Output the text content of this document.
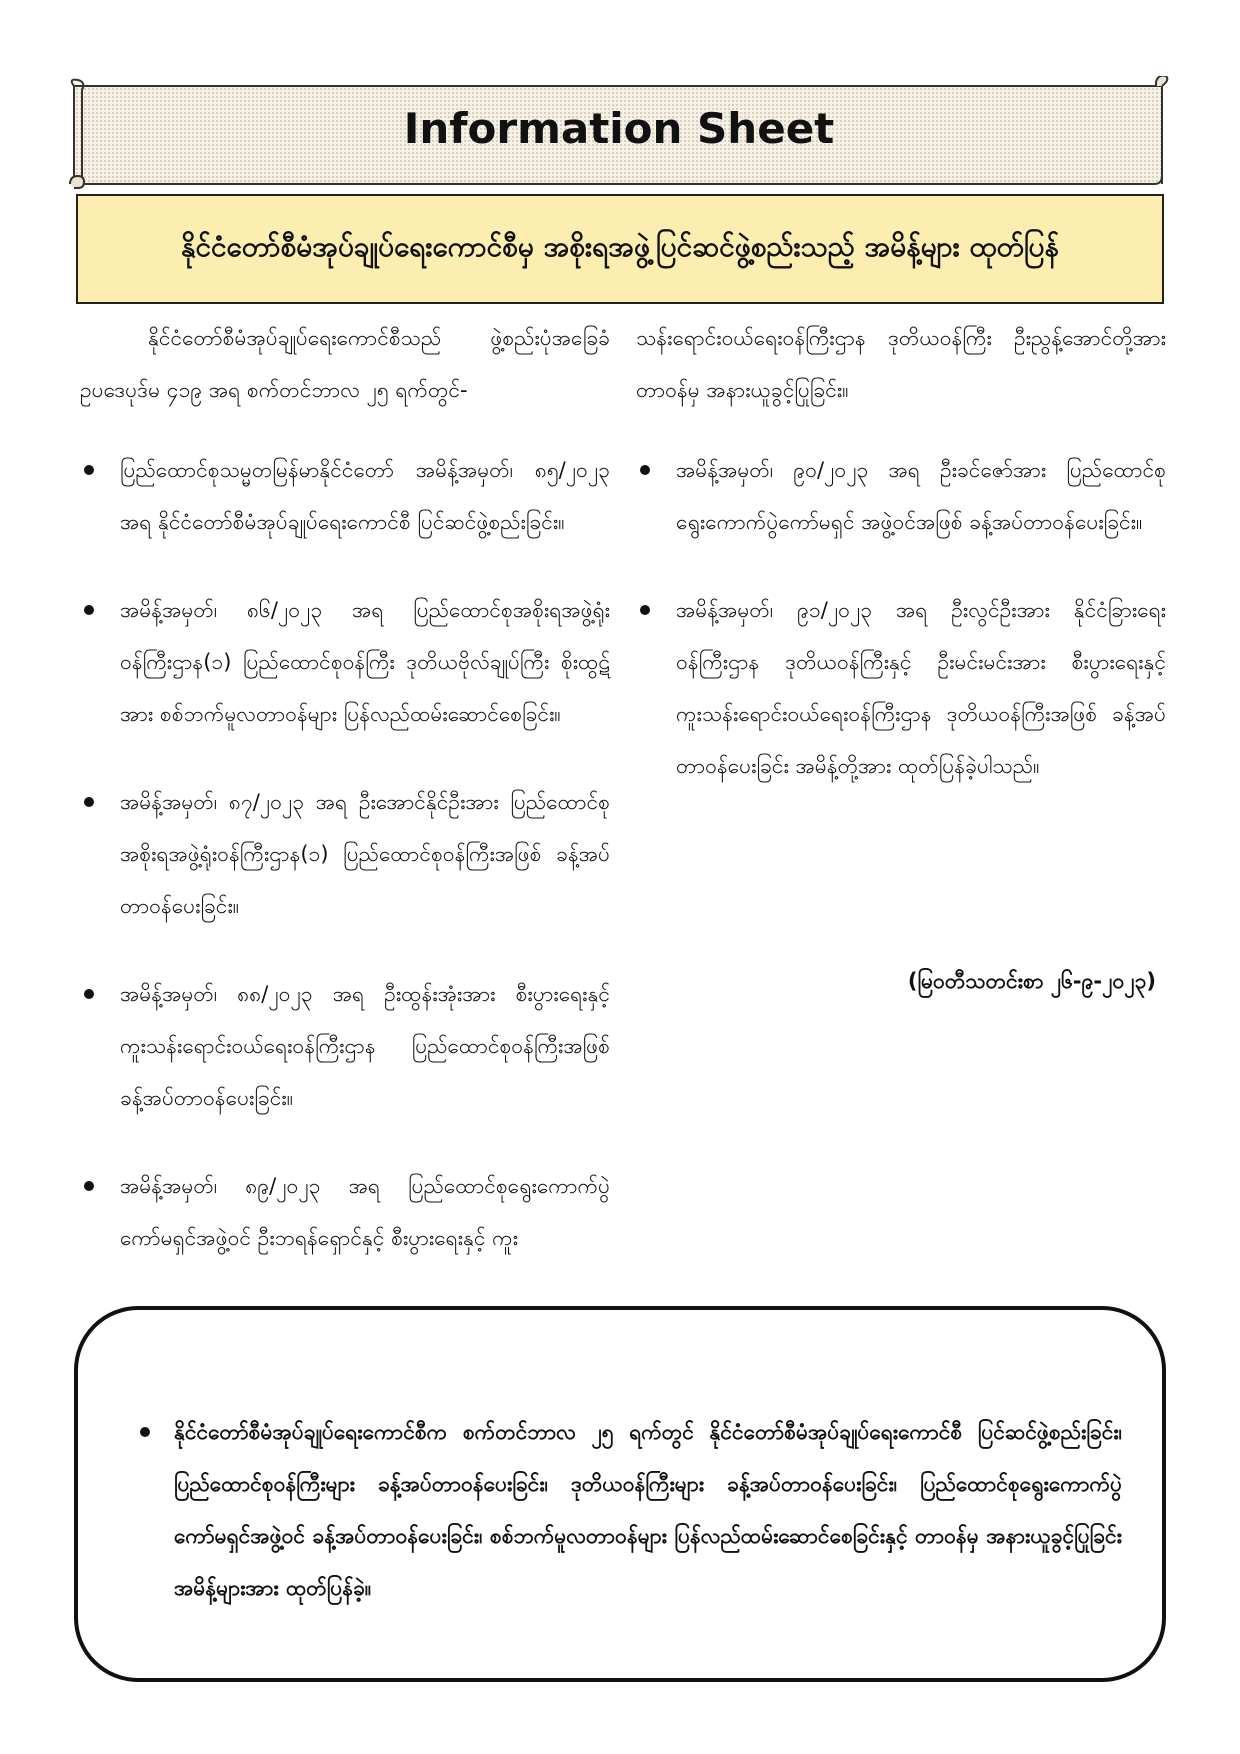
Information Sheet
နိုင်ငံတော်စီမံအုပ်ချုပ်ရေးကောင်စီမှ အစိုးရအဖွဲ့ပြင်ဆင်ဖွဲ့စည်းသည့် အမိန့်များ ထုတ်ပြန်

နိုင်ငံတော်စီမံအုပ်ချုပ်ရေးကောင်စီသည် ဖွဲ့စည်းပုံအခြေခံဥပဒေပုဒ်မ ၄၁၉ အရ စက်တင်ဘာလ ၂၅ ရက်တွင်-

ပြည်ထောင်စုသမ္မတမြန်မာနိုင်ငံတော် အမိန့်အမှတ်၊ ၈၅/၂၀၂၃ အရ နိုင်ငံတော်စီမံအုပ်ချုပ်ရေးကောင်စီ ပြင်ဆင်ဖွဲ့စည်းခြင်း။
အမိန့်အမှတ်၊ ၈၆/၂၀၂၃ အရ ပြည်ထောင်စုအစိုးရအဖွဲ့ရုံးဝန်ကြီးဌာန(၁) ပြည်ထောင်စုဝန်ကြီး ဒုတိယဗိုလ်ချုပ်ကြီး စိုးထွဋ်အား စစ်ဘက်မူလတာဝန်များ ပြန်လည်ထမ်းဆောင်စေခြင်း။
အမိန့်အမှတ်၊ ၈၇/၂၀၂၃ အရ ဦးအောင်နိုင်ဦးအား ပြည်ထောင်စုအစိုးရအဖွဲ့ရုံးဝန်ကြီးဌာန(၁) ပြည်ထောင်စုဝန်ကြီးအဖြစ် ခန့်အပ်တာဝန်ပေးခြင်း။
အမိန့်အမှတ်၊ ၈၈/၂၀၂၃ အရ ဦးထွန်းအုံးအား စီးပွားရေးနှင့်ကူးသန်းရောင်းဝယ်ရေးဝန်ကြီးဌာန ပြည်ထောင်စုဝန်ကြီးအဖြစ် ခန့်အပ်တာဝန်ပေးခြင်း။
အမိန့်အမှတ်၊ ၈၉/၂၀၂၃ အရ ပြည်ထောင်စုရွေးကောက်ပွဲကော်မရှင်အဖွဲ့ဝင် ဦးဘရန်ရှောင်နှင့် စီးပွားရေးနှင့် ကူး

သန်းရောင်းဝယ်ရေးဝန်ကြီးဌာန ဒုတိယဝန်ကြီး ဦးညွန့်အောင်တို့အား တာဝန်မှ အနားယူခွင့်ပြုခြင်း။

အမိန့်အမှတ်၊ ၉၀/၂၀၂၃ အရ ဦးခင်ဇော်အား ပြည်ထောင်စုရွေးကောက်ပွဲကော်မရှင် အဖွဲ့ဝင်အဖြစ် ခန့်အပ်တာဝန်ပေးခြင်း။
အမိန့်အမှတ်၊ ၉၁/၂၀၂၃ အရ ဦးလွင်ဦးအား နိုင်ငံခြားရေးဝန်ကြီးဌာန ဒုတိယဝန်ကြီးနှင့် ဦးမင်းမင်းအား စီးပွားရေးနှင့် ကူးသန်းရောင်းဝယ်ရေးဝန်ကြီးဌာန ဒုတိယဝန်ကြီးအဖြစ် ခန့်အပ်တာဝန်ပေးခြင်း အမိန့်တို့အား ထုတ်ပြန်ခဲ့ပါသည်။
(မြဝတီသတင်းစာ ၂၆-၉-၂၀၂၃)
နိုင်ငံတော်စီမံအုပ်ချုပ်ရေးကောင်စီက စက်တင်ဘာလ ၂၅ ရက်တွင် နိုင်ငံတော်စီမံအုပ်ချုပ်ရေးကောင်စီ ပြင်ဆင်ဖွဲ့စည်းခြင်း၊ ပြည်ထောင်စုဝန်ကြီးများ ခန့်အပ်တာဝန်ပေးခြင်း၊ ဒုတိယဝန်ကြီးများ ခန့်အပ်တာဝန်ပေးခြင်း၊ ပြည်ထောင်စုရွေးကောက်ပွဲကော်မရှင်အဖွဲ့ဝင် ခန့်အပ်တာဝန်ပေးခြင်း၊ စစ်ဘက်မူလတာဝန်များ ပြန်လည်ထမ်းဆောင်စေခြင်းနှင့် တာဝန်မှ အနားယူခွင့်ပြုခြင်း အမိန့်များအား ထုတ်ပြန်ခဲ့။
